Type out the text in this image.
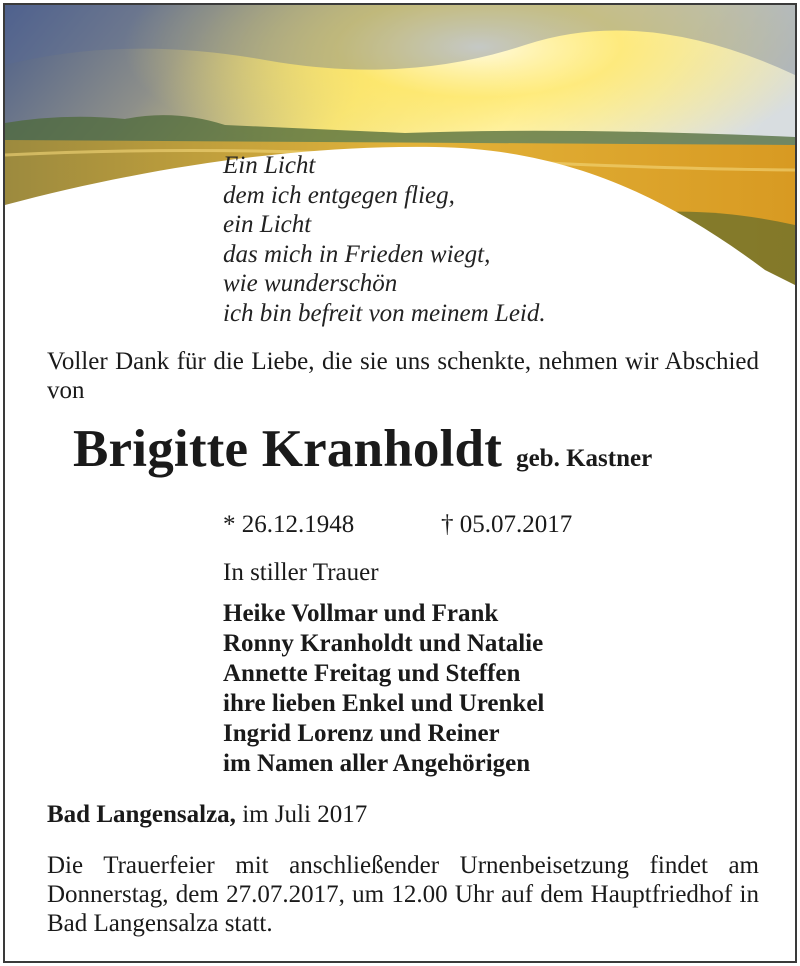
Ein Licht
dem ich entgegen flieg,
ein Licht
das mich in Frieden wiegt,
wie wunderschön
ich bin befreit von meinem Leid.
Voller Dank für die Liebe, die sie uns schenkte, nehmen wir Abschied von
Brigitte Kranholdt geb. Kastner
* 26.12.1948	† 05.07.2017
In stiller Trauer
Heike Vollmar und Frank
Ronny Kranholdt und Natalie
Annette Freitag und Steffen
ihre lieben Enkel und Urenkel
Ingrid Lorenz und Reiner
im Namen aller Angehörigen
Bad Langensalza, im Juli 2017
Die Trauerfeier mit anschließender Urnenbeisetzung findet am Donnerstag, dem 27.07.2017, um 12.00 Uhr auf dem Hauptfriedhof in Bad Langensalza statt.
